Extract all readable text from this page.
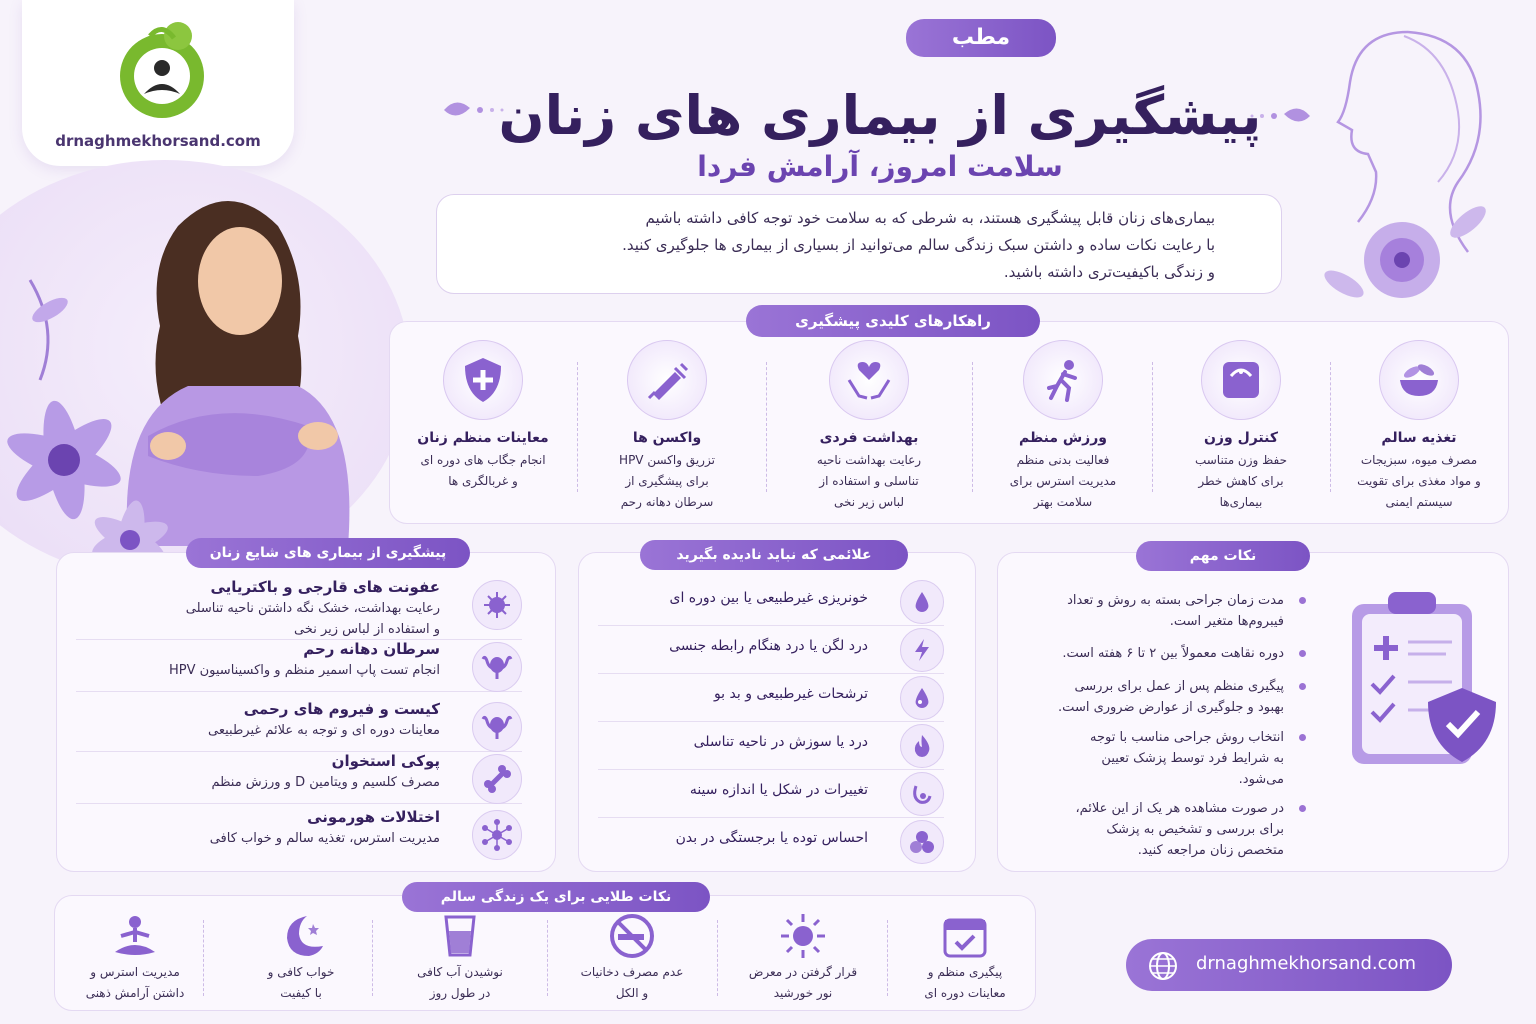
drnaghmekhorsand.com
مطب
پیشگیری از بیماری های زنان
سلامت امروز، آرامش فردا
بیماری‌های زنان قابل پیشگیری هستند، به شرطی که به سلامت خود توجه کافی داشته باشیم
با رعایت نکات ساده و داشتن سبک زندگی سالم می‌توانید از بسیاری از بیماری ها جلوگیری کنید.
و زندگی باکیفیت‌تری داشته باشید.
راهکارهای کلیدی پیشگیری
تغذیه سالم
مصرف میوه، سبزیجات
و مواد مغذی برای تقویت
سیستم ایمنی
کنترل وزن
حفظ وزن متناسب
برای کاهش خطر
بیماری‌ها
ورزش منظم
فعالیت بدنی منظم
مدیریت استرس برای
سلامت بهتر
بهداشت فردی
رعایت بهداشت ناحیه
تناسلی و استفاده از
لباس زیر نخی
واکسن ها
تزریق واکسن HPV
برای پیشگیری از
سرطان دهانه رحم
معاینات منظم زنان
انجام جگاب های دوره ای
و غربالگری ها
پیشگیری از بیماری های شایع زنان
عفونت های قارجی و باکتریایی
رعایت بهداشت، خشک نگه داشتن ناحیه تناسلی
و استفاده از لباس زیر نخی
سرطان دهانه رحم
انجام تست پاپ اسمیر منظم و واکسیناسیون HPV
کیست و فیروم های رحمی
معاینات دوره ای و توجه به علائم غیرطبیعی
پوکی استخوان
مصرف کلسیم و ویتامین D و ورزش منظم
اختلالات هورمونی
مدیریت استرس، تغذیه سالم و خواب کافی
علائمی که نباید نادیده بگیرید
خونریزی غیرطبیعی یا بین دوره ای
درد لگن یا درد هنگام رابطه جنسی
ترشحات غیرطبیعی و بد بو
درد یا سوزش در ناحیه تناسلی
تغییرات در شکل یا اندازه سینه
احساس توده یا برجستگی در بدن
نکات مهم
مدت زمان جراحی بسته به روش و تعداد
فیبروم‌ها متغیر است.
دوره نقاهت معمولاً بین ۲ تا ۶ هفته است.
پیگیری منظم پس از عمل برای بررسی
بهبود و جلوگیری از عوارض ضروری است.
انتخاب روش جراحی مناسب با توجه
به شرایط فرد توسط پزشک تعیین
می‌شود.
در صورت مشاهده هر یک از این علائم،
برای بررسی و تشخیص به پزشک
متخصص زنان مراجعه کنید.
نکات طلایی برای یک زندگی سالم
پیگیری منظم و
معاینات دوره ای
قرار گرفتن در معرض
نور خورشید
عدم مصرف دخانیات
و الکل
نوشیدن آب کافی
در طول روز
خواب کافی و
با کیفیت
مدیریت استرس و
داشتن آرامش ذهنی
drnaghmekhorsand.com
